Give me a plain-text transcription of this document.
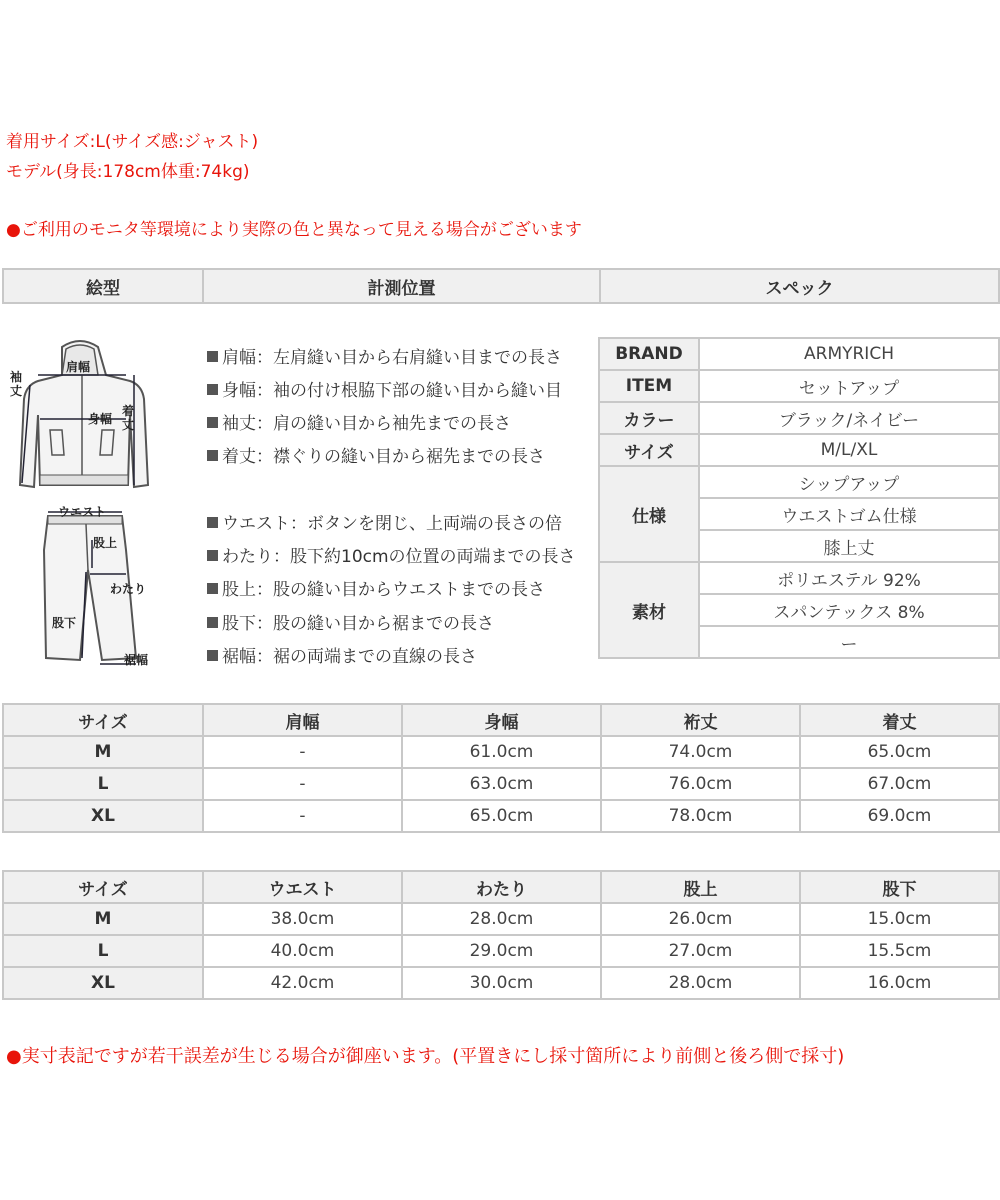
着用サイズ:L(サイズ感:ジャスト)
モデル(身長:178cm体重:74kg)
●ご利用のモニタ等環境により実際の色と異なって見える場合がございます
絵型	計測位置	スペック
肩幅
袖丈
身幅
着丈
ウエスト
股上
わたり
股下
裾幅
肩幅：左肩縫い目から右肩縫い目までの長さ
身幅：袖の付け根脇下部の縫い目から縫い目
袖丈：肩の縫い目から袖先までの長さ
着丈：襟ぐりの縫い目から裾先までの長さ
ウエスト：ボタンを閉じ、上両端の長さの倍
わたり：股下約10cmの位置の両端までの長さ
股上：股の縫い目からウエストまでの長さ
股下：股の縫い目から裾までの長さ
裾幅：裾の両端までの直線の長さ
BRAND	ARMYRICH
ITEM	セットアップ
カラー	ブラック/ネイビー
サイズ	M/L/XL
仕様	シップアップ
	ウエストゴム仕様
	膝上丈
素材	ポリエステル 92%
	スパンテックス 8%
	ー
サイズ	肩幅	身幅	裄丈	着丈
M	-	61.0cm	74.0cm	65.0cm
L	-	63.0cm	76.0cm	67.0cm
XL	-	65.0cm	78.0cm	69.0cm
サイズ	ウエスト	わたり	股上	股下
M	38.0cm	28.0cm	26.0cm	15.0cm
L	40.0cm	29.0cm	27.0cm	15.5cm
XL	42.0cm	30.0cm	28.0cm	16.0cm
●実寸表記ですが若干誤差が生じる場合が御座います。(平置きにし採寸箇所により前側と後ろ側で採寸)
